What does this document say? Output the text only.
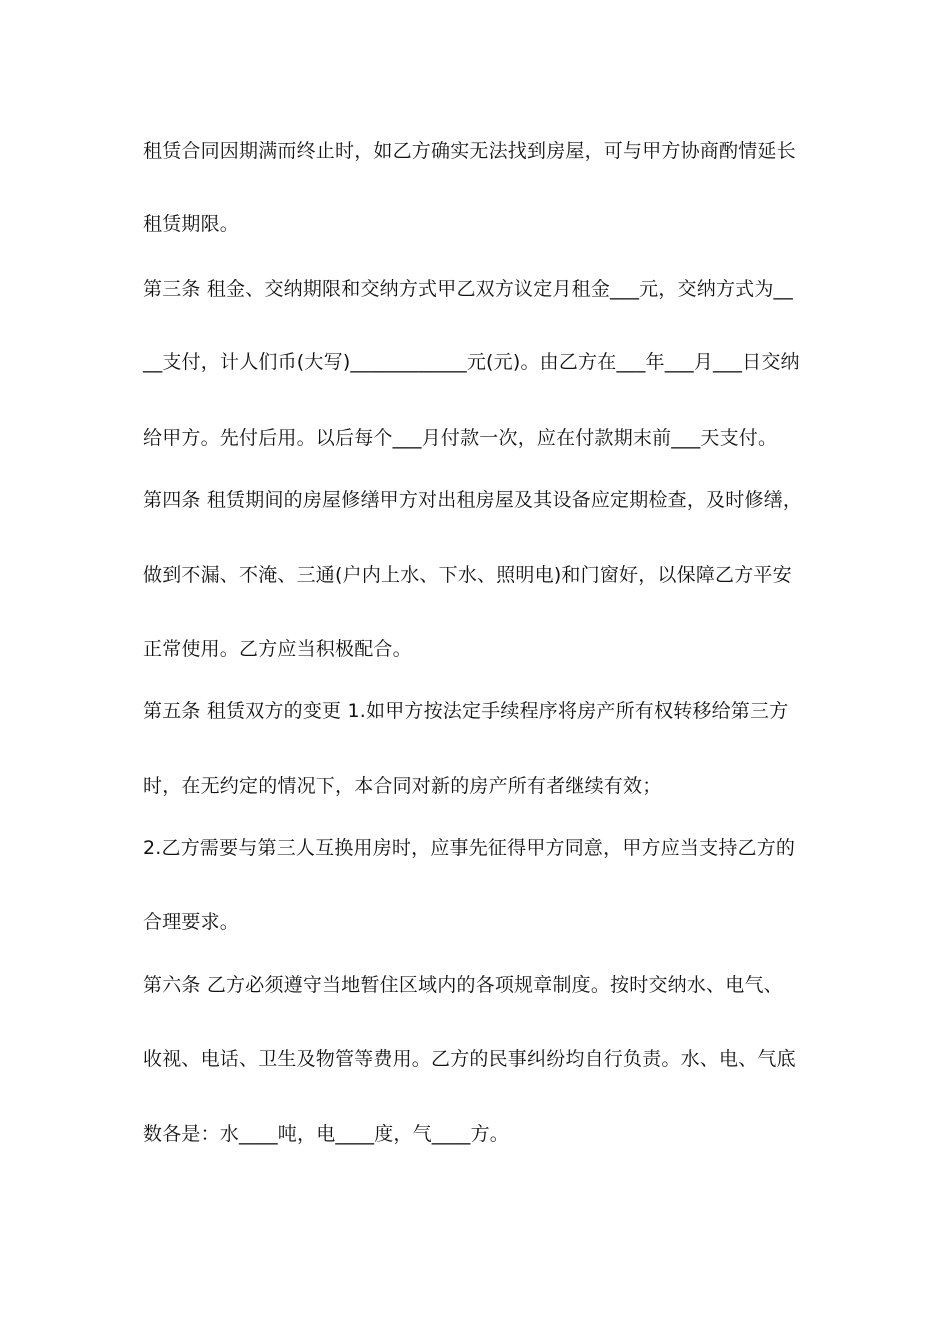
租赁合同因期满而终止时，如乙方确实无法找到房屋，可与甲方协商酌情延长
租赁期限。
第三条 租金、交纳期限和交纳方式甲乙双方议定月租金___元，交纳方式为__
__支付，计人们币(大写)____________元(元)。由乙方在___年___月___日交纳
给甲方。先付后用。以后每个___月付款一次，应在付款期末前___天支付。
第四条 租赁期间的房屋修缮甲方对出租房屋及其设备应定期检查，及时修缮，
做到不漏、不淹、三通(户内上水、下水、照明电)和门窗好，以保障乙方平安
正常使用。乙方应当积极配合。
第五条 租赁双方的变更 1.如甲方按法定手续程序将房产所有权转移给第三方
时，在无约定的情况下，本合同对新的房产所有者继续有效；
2.乙方需要与第三人互换用房时，应事先征得甲方同意，甲方应当支持乙方的
合理要求。
第六条 乙方必须遵守当地暂住区域内的各项规章制度。按时交纳水、电气、
收视、电话、卫生及物管等费用。乙方的民事纠纷均自行负责。水、电、气底
数各是：水____吨，电____度，气____方。
